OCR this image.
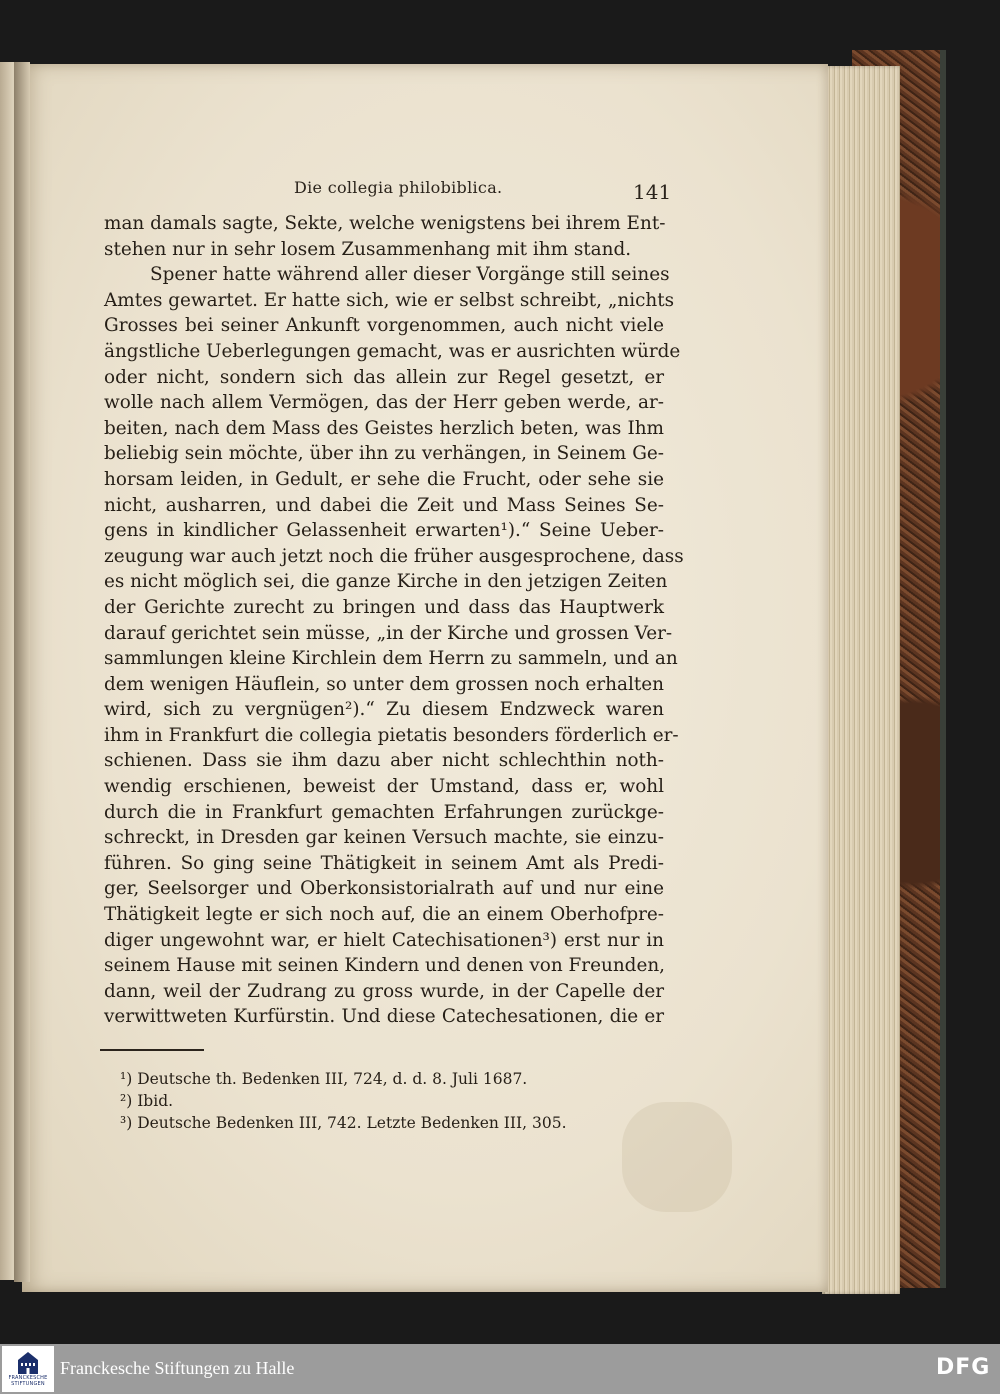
Die collegia philobiblica.	141
man damals sagte, Sekte, welche wenigstens bei ihrem Ent-
stehen nur in sehr losem Zusammenhang mit ihm stand.
Spener hatte während aller dieser Vorgänge still seines
Amtes gewartet. Er hatte sich, wie er selbst schreibt, „nichts
Grosses bei seiner Ankunft vorgenommen, auch nicht viele
ängstliche Ueberlegungen gemacht, was er ausrichten würde
oder nicht, sondern sich das allein zur Regel gesetzt, er
wolle nach allem Vermögen, das der Herr geben werde, ar-
beiten, nach dem Mass des Geistes herzlich beten, was Ihm
beliebig sein möchte, über ihn zu verhängen, in Seinem Ge-
horsam leiden, in Gedult, er sehe die Frucht, oder sehe sie
nicht, ausharren, und dabei die Zeit und Mass Seines Se-
gens in kindlicher Gelassenheit erwarten¹).“ Seine Ueber-
zeugung war auch jetzt noch die früher ausgesprochene, dass
es nicht möglich sei, die ganze Kirche in den jetzigen Zeiten
der Gerichte zurecht zu bringen und dass das Hauptwerk
darauf gerichtet sein müsse, „in der Kirche und grossen Ver-
sammlungen kleine Kirchlein dem Herrn zu sammeln, und an
dem wenigen Häuflein, so unter dem grossen noch erhalten
wird, sich zu vergnügen²).“ Zu diesem Endzweck waren
ihm in Frankfurt die collegia pietatis besonders förderlich er-
schienen. Dass sie ihm dazu aber nicht schlechthin noth-
wendig erschienen, beweist der Umstand, dass er, wohl
durch die in Frankfurt gemachten Erfahrungen zurückge-
schreckt, in Dresden gar keinen Versuch machte, sie einzu-
führen. So ging seine Thätigkeit in seinem Amt als Predi-
ger, Seelsorger und Oberkonsistorialrath auf und nur eine
Thätigkeit legte er sich noch auf, die an einem Oberhofpre-
diger ungewohnt war, er hielt Catechisationen³) erst nur in
seinem Hause mit seinen Kindern und denen von Freunden,
dann, weil der Zudrang zu gross wurde, in der Capelle der
verwittweten Kurfürstin. Und diese Catechesationen, die er
¹) Deutsche th. Bedenken III, 724, d. d. 8. Juli 1687.
²) Ibid.
³) Deutsche Bedenken III, 742. Letzte Bedenken III, 305.
FRANCKESCHE
STIFTUNGEN
Franckesche Stiftungen zu Halle	DFG
